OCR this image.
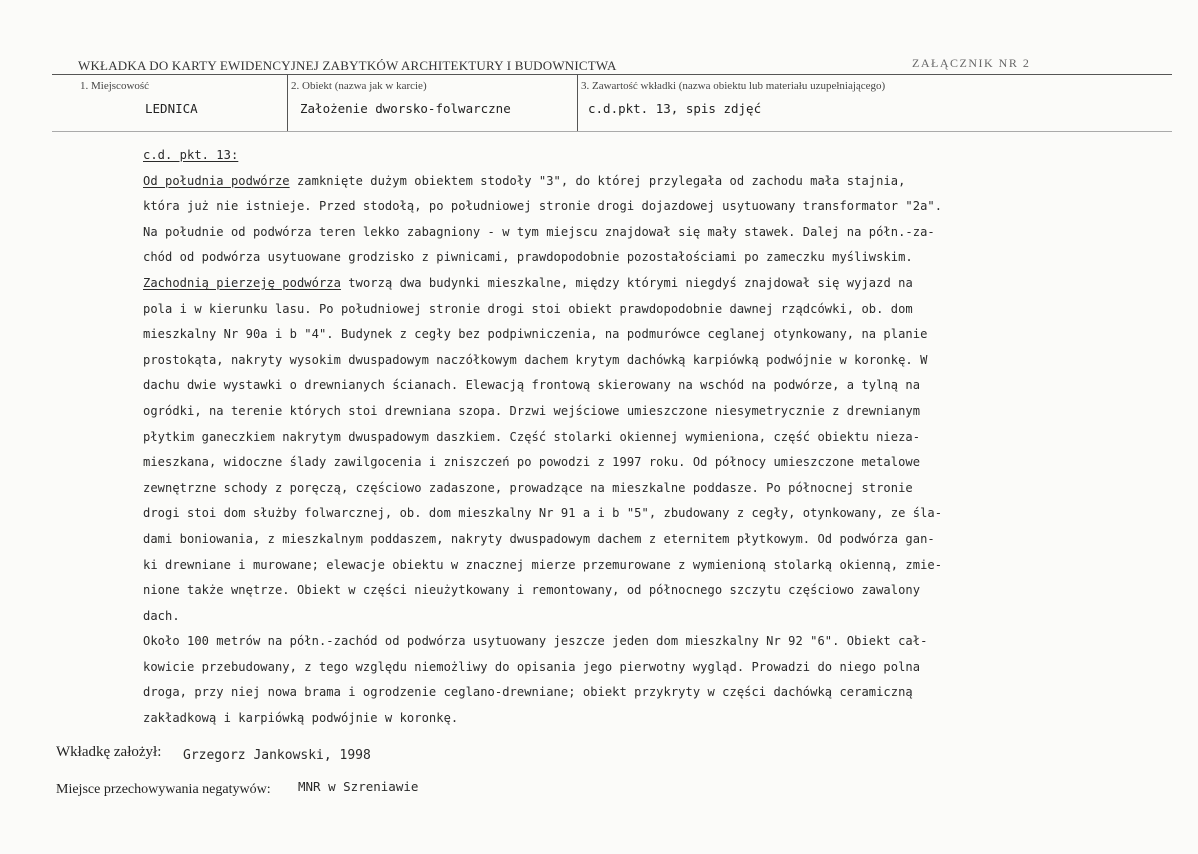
WKŁADKA DO KARTY EWIDENCYJNEJ ZABYTKÓW ARCHITEKTURY I BUDOWNICTWA	ZAŁĄCZNIK NR 2
1. Miejscowość
LEDNICA
2. Obiekt (nazwa jak w karcie)
Założenie dworsko-folwarczne
3. Zawartość wkładki (nazwa obiektu lub materiału uzupełniającego)
c.d.pkt. 13, spis zdjęć
c.d. pkt. 13:
Od południa podwórze zamknięte dużym obiektem stodoły "3", do której przylegała od zachodu mała stajnia,
która już nie istnieje. Przed stodołą, po południowej stronie drogi dojazdowej usytuowany transformator "2a".
Na południe od podwórza teren lekko zabagniony - w tym miejscu znajdował się mały stawek. Dalej na półn.-za-
chód od podwórza usytuowane grodzisko z piwnicami, prawdopodobnie pozostałościami po zameczku myśliwskim.
Zachodnią pierzeję podwórza tworzą dwa budynki mieszkalne, między którymi niegdyś znajdował się wyjazd na
pola i w kierunku lasu. Po południowej stronie drogi stoi obiekt prawdopodobnie dawnej rządcówki, ob. dom
mieszkalny Nr 90a i b "4". Budynek z cegły bez podpiwniczenia, na podmurówce ceglanej otynkowany, na planie
prostokąta, nakryty wysokim dwuspadowym naczółkowym dachem krytym dachówką karpiówką podwójnie w koronkę. W
dachu dwie wystawki o drewnianych ścianach. Elewacją frontową skierowany na wschód na podwórze, a tylną na
ogródki, na terenie których stoi drewniana szopa. Drzwi wejściowe umieszczone niesymetrycznie z drewnianym
płytkim ganeczkiem nakrytym dwuspadowym daszkiem. Część stolarki okiennej wymieniona, część obiektu nieza-
mieszkana, widoczne ślady zawilgocenia i zniszczeń po powodzi z 1997 roku. Od północy umieszczone metalowe
zewnętrzne schody z poręczą, częściowo zadaszone, prowadzące na mieszkalne poddasze. Po północnej stronie
drogi stoi dom służby folwarcznej, ob. dom mieszkalny Nr 91 a i b "5", zbudowany z cegły, otynkowany, ze śla-
dami boniowania, z mieszkalnym poddaszem, nakryty dwuspadowym dachem z eternitem płytkowym. Od podwórza gan-
ki drewniane i murowane; elewacje obiektu w znacznej mierze przemurowane z wymienioną stolarką okienną, zmie-
nione także wnętrze. Obiekt w części nieużytkowany i remontowany, od północnego szczytu częściowo zawalony
dach.
Około 100 metrów na półn.-zachód od podwórza usytuowany jeszcze jeden dom mieszkalny Nr 92 "6". Obiekt cał-
kowicie przebudowany, z tego względu niemożliwy do opisania jego pierwotny wygląd. Prowadzi do niego polna
droga, przy niej nowa brama i ogrodzenie ceglano-drewniane; obiekt przykryty w części dachówką ceramiczną
zakładkową i karpiówką podwójnie w koronkę.
Wkładkę założył: Grzegorz Jankowski, 1998
Miejsce przechowywania negatywów: MNR w Szreniawie
